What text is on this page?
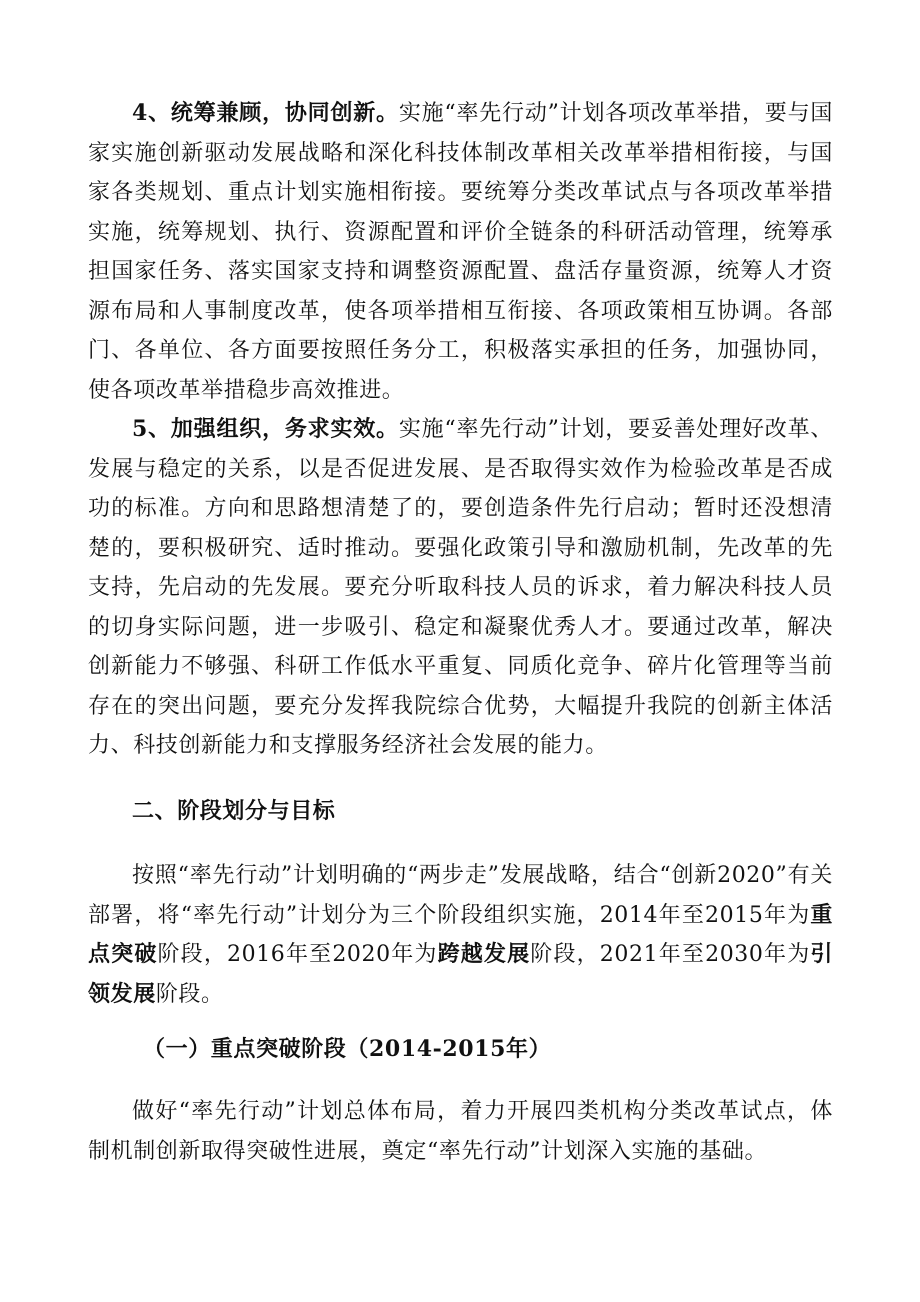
4、统筹兼顾，协同创新。实施“率先行动”计划各项改革举措，要与国家实施创新驱动发展战略和深化科技体制改革相关改革举措相衔接，与国家各类规划、重点计划实施相衔接。要统筹分类改革试点与各项改革举措实施，统筹规划、执行、资源配置和评价全链条的科研活动管理，统筹承担国家任务、落实国家支持和调整资源配置、盘活存量资源，统筹人才资源布局和人事制度改革，使各项举措相互衔接、各项政策相互协调。各部门、各单位、各方面要按照任务分工，积极落实承担的任务，加强协同，使各项改革举措稳步高效推进。

5、加强组织，务求实效。实施“率先行动”计划，要妥善处理好改革、发展与稳定的关系，以是否促进发展、是否取得实效作为检验改革是否成功的标准。方向和思路想清楚了的，要创造条件先行启动；暂时还没想清楚的，要积极研究、适时推动。要强化政策引导和激励机制，先改革的先支持，先启动的先发展。要充分听取科技人员的诉求，着力解决科技人员的切身实际问题，进一步吸引、稳定和凝聚优秀人才。要通过改革，解决创新能力不够强、科研工作低水平重复、同质化竞争、碎片化管理等当前存在的突出问题，要充分发挥我院综合优势，大幅提升我院的创新主体活力、科技创新能力和支撑服务经济社会发展的能力。

二、阶段划分与目标

按照“率先行动”计划明确的“两步走”发展战略，结合“创新2020”有关部署，将“率先行动”计划分为三个阶段组织实施，2014年至2015年为重点突破阶段，2016年至2020年为跨越发展阶段，2021年至2030年为引领发展阶段。

（一）重点突破阶段（2014-2015年）

做好“率先行动”计划总体布局，着力开展四类机构分类改革试点，体制机制创新取得突破性进展，奠定“率先行动”计划深入实施的基础。
